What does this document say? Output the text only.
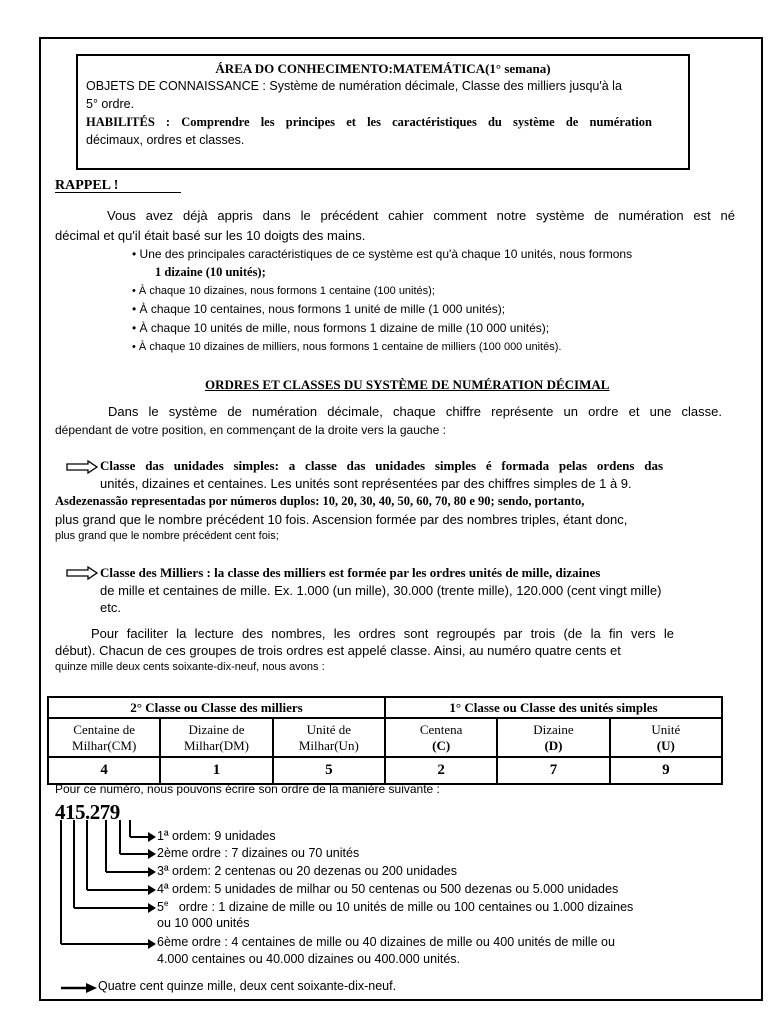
ÁREA DO CONHECIMENTO:MATEMÁTICA(1° semana)
OBJETS DE CONNAISSANCE : Système de numération décimale, Classe des milliers jusqu'à la
5° ordre.
HABILITÉS : Comprendre les principes et les caractéristiques du système de numération
décimaux, ordres et classes.
RAPPEL !
Vous avez déjà appris dans le précédent cahier comment notre système de numération est né
décimal et qu'il était basé sur les 10 doigts des mains.
• Une des principales caractéristiques de ce système est qu'à chaque 10 unités, nous formons
1 dizaine (10 unités);
• À chaque 10 dizaines, nous formons 1 centaine (100 unités);
• À chaque 10 centaines, nous formons 1 unité de mille (1 000 unités);
• À chaque 10 unités de mille, nous formons 1 dizaine de mille (10 000 unités);
• À chaque 10 dizaines de milliers, nous formons 1 centaine de milliers (100 000 unités).
ORDRES ET CLASSES DU SYSTÈME DE NUMÉRATION DÉCIMAL
Dans le système de numération décimale, chaque chiffre représente un ordre et une classe.
dépendant de votre position, en commençant de la droite vers la gauche :
Classe das unidades simples: a classe das unidades simples é formada pelas ordens das
unités, dizaines et centaines. Les unités sont représentées par des chiffres simples de 1 à 9.
Asdezenassão representadas por números duplos: 10, 20, 30, 40, 50, 60, 70, 80 e 90; sendo, portanto,
plus grand que le nombre précédent 10 fois. Ascension formée par des nombres triples, étant donc,
plus grand que le nombre précédent cent fois;
Classe des Milliers : la classe des milliers est formée par les ordres unités de mille, dizaines
de mille et centaines de mille. Ex. 1.000 (un mille), 30.000 (trente mille), 120.000 (cent vingt mille)
etc.
Pour faciliter la lecture des nombres, les ordres sont regroupés par trois (de la fin vers le
début). Chacun de ces groupes de trois ordres est appelé classe. Ainsi, au numéro quatre cents et
quinze mille deux cents soixante-dix-neuf, nous avons :
2° Classe ou Classe des milliers			1° Classe ou Classe des unités simples		
Centaine de
Milhar(CM)	Dizaine de
Milhar(DM)	Unité de
Milhar(Un)	Centena
(C)	Dizaine
(D)	Unité
(U)
4	1	5	2	7	9
Pour ce numéro, nous pouvons écrire son ordre de la manière suivante :
415.279
1ª ordem: 9 unidades
2ème ordre : 7 dizaines ou 70 unités
3ª ordem: 2 centenas ou 20 dezenas ou 200 unidades
4ª ordem: 5 unidades de milhar ou 50 centenas ou 500 dezenas ou 5.000 unidades
5e ordre : 1 dizaine de mille ou 10 unités de mille ou 100 centaines ou 1.000 dizaines
ou 10 000 unités
6ème ordre : 4 centaines de mille ou 40 dizaines de mille ou 400 unités de mille ou
4.000 centaines ou 40.000 dizaines ou 400.000 unités.
Quatre cent quinze mille, deux cent soixante-dix-neuf.
